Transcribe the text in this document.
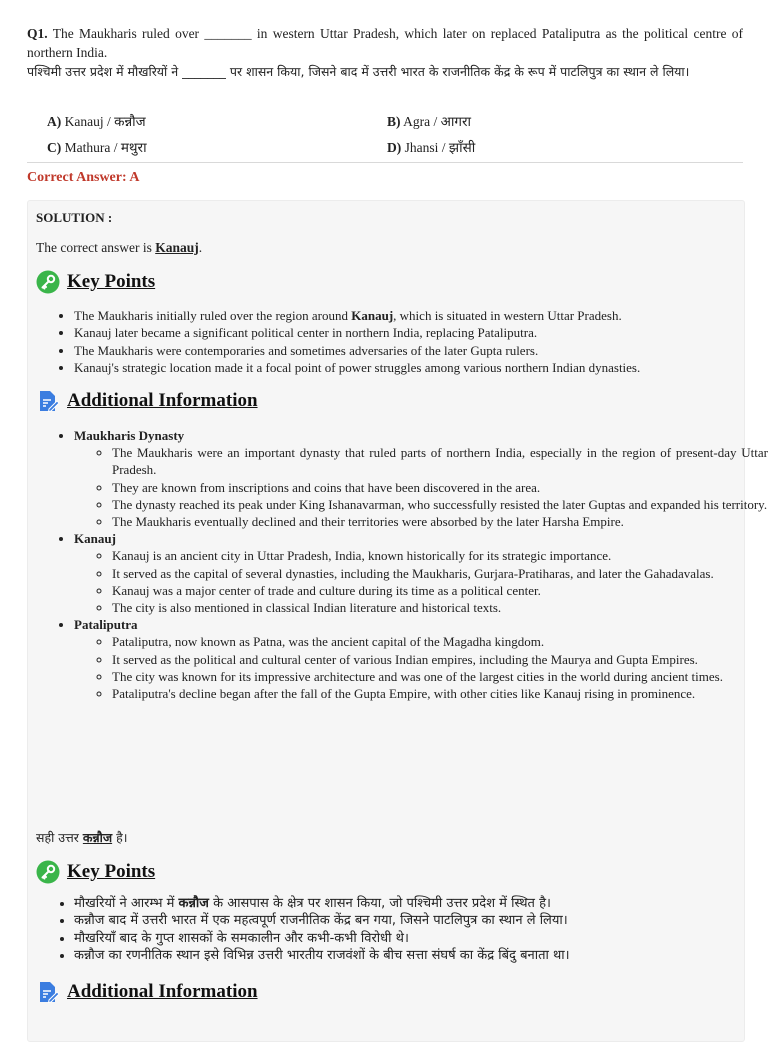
Q1. The Maukharis ruled over _______ in western Uttar Pradesh, which later on replaced Pataliputra as the political centre of northern India.
पश्चिमी उत्तर प्रदेश में मौखरियों ने _______ पर शासन किया, जिसने बाद में उत्तरी भारत के राजनीतिक केंद्र के रूप में पाटलिपुत्र का स्थान ले लिया।
A) Kanauj / कन्नौज	B) Agra / आगरा
C) Mathura / मथुरा	D) Jhansi / झाँसी
Correct Answer: A
SOLUTION :
The correct answer is Kanauj.
Key Points
• The Maukharis initially ruled over the region around Kanauj, which is situated in western Uttar Pradesh.
• Kanauj later became a significant political center in northern India, replacing Pataliputra.
• The Maukharis were contemporaries and sometimes adversaries of the later Gupta rulers.
• Kanauj's strategic location made it a focal point of power struggles among various northern Indian dynasties.
Additional Information
• Maukharis Dynasty
◦ The Maukharis were an important dynasty that ruled parts of northern India, especially in the region of present-day Uttar Pradesh.
◦ They are known from inscriptions and coins that have been discovered in the area.
◦ The dynasty reached its peak under King Ishanavarman, who successfully resisted the later Guptas and expanded his territory.
◦ The Maukharis eventually declined and their territories were absorbed by the later Harsha Empire.
• Kanauj
◦ Kanauj is an ancient city in Uttar Pradesh, India, known historically for its strategic importance.
◦ It served as the capital of several dynasties, including the Maukharis, Gurjara-Pratiharas, and later the Gahadavalas.
◦ Kanauj was a major center of trade and culture during its time as a political center.
◦ The city is also mentioned in classical Indian literature and historical texts.
• Pataliputra
◦ Pataliputra, now known as Patna, was the ancient capital of the Magadha kingdom.
◦ It served as the political and cultural center of various Indian empires, including the Maurya and Gupta Empires.
◦ The city was known for its impressive architecture and was one of the largest cities in the world during ancient times.
◦ Pataliputra's decline began after the fall of the Gupta Empire, with other cities like Kanauj rising in prominence.
सही उत्तर कन्नौज है।
Key Points
• मौखरियों ने आरम्भ में कन्नौज के आसपास के क्षेत्र पर शासन किया, जो पश्चिमी उत्तर प्रदेश में स्थित है।
• कन्नौज बाद में उत्तरी भारत में एक महत्वपूर्ण राजनीतिक केंद्र बन गया, जिसने पाटलिपुत्र का स्थान ले लिया।
• मौखरियाँ बाद के गुप्त शासकों के समकालीन और कभी-कभी विरोधी थे।
• कन्नौज का रणनीतिक स्थान इसे विभिन्न उत्तरी भारतीय राजवंशों के बीच सत्ता संघर्ष का केंद्र बिंदु बनाता था।
Additional Information
